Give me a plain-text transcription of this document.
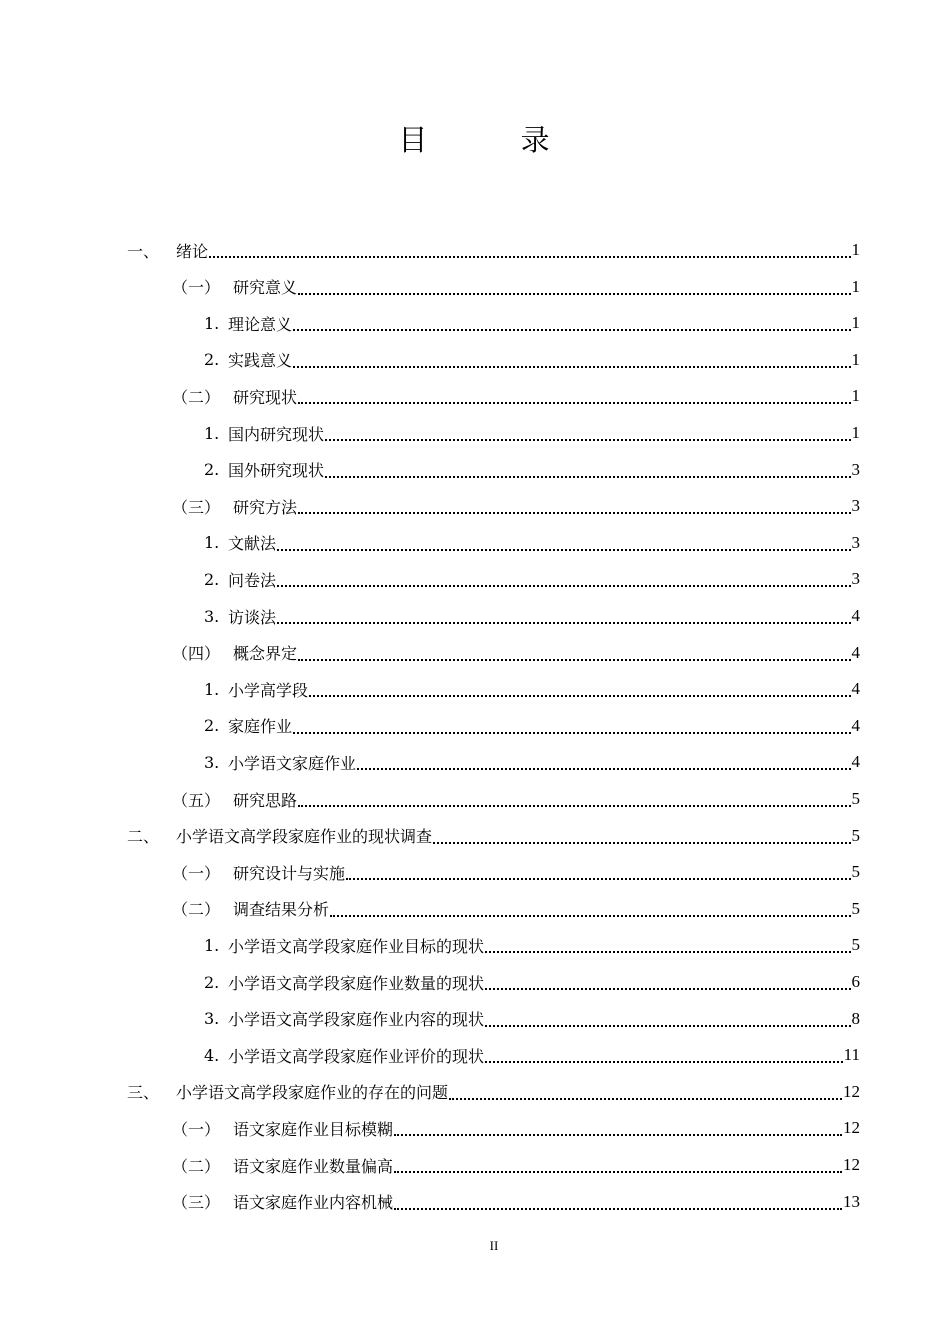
目 录
一、	绪论	1
（一） 研究意义	1
1. 理论意义	1
2. 实践意义	1
（二） 研究现状	1
1. 国内研究现状	1
2. 国外研究现状	3
（三） 研究方法	3
1. 文献法	3
2. 问卷法	3
3. 访谈法	4
（四） 概念界定	4
1. 小学高学段	4
2. 家庭作业	4
3. 小学语文家庭作业	4
（五） 研究思路	5
二、	小学语文高学段家庭作业的现状调查	5
（一） 研究设计与实施	5
（二） 调查结果分析	5
1. 小学语文高学段家庭作业目标的现状	5
2. 小学语文高学段家庭作业数量的现状	6
3. 小学语文高学段家庭作业内容的现状	8
4. 小学语文高学段家庭作业评价的现状	11
三、	小学语文高学段家庭作业的存在的问题	12
（一） 语文家庭作业目标模糊	12
（二） 语文家庭作业数量偏高	12
（三） 语文家庭作业内容机械	13
II
